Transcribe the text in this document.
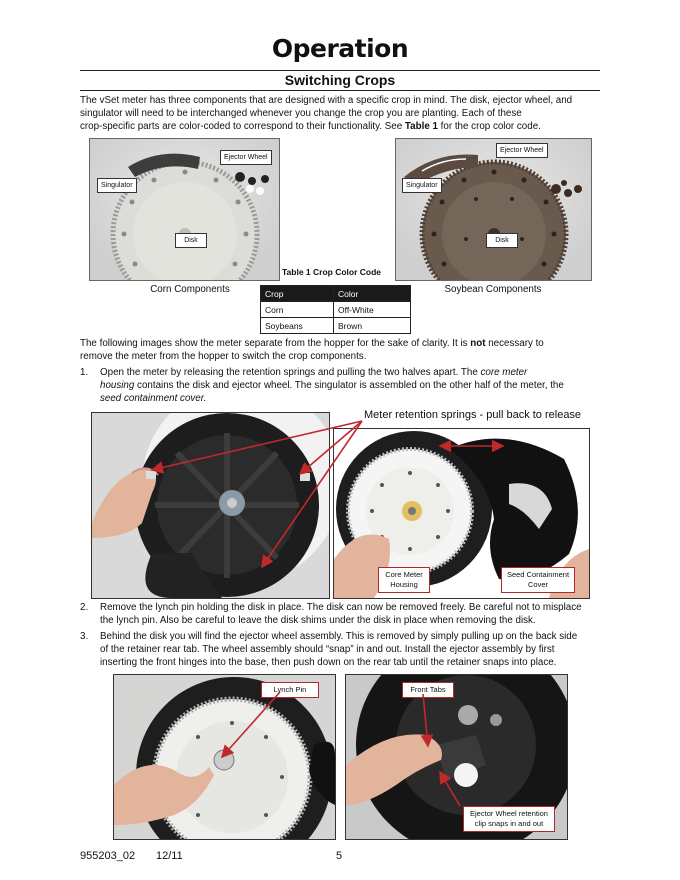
Operation
Switching Crops
The vSet meter has three components that are designed with a specific crop in mind. The disk, ejector wheel, and
singulator will need to be interchanged whenever you change the crop you are planting. Each of these
crop-specific parts are color-coded to correspond to their functionality. See Table 1 for the crop color code.
Ejector Wheel
Singulator
Disk
Corn Components
Ejector Wheel
Singulator
Disk
Soybean Components
Table 1 Crop Color Code
Crop	Color
Corn	Off-White
Soybeans	Brown
The following images show the meter separate from the hopper for the sake of clarity. It is not necessary to
remove the meter from the hopper to switch the crop components.
1. Open the meter by releasing the retention springs and pulling the two halves apart. The core meter
housing contains the disk and ejector wheel. The singulator is assembled on the other half of the meter, the
seed containment cover.
Core Meter Housing
Seed Containment Cover
Meter retention springs - pull back to release
2. Remove the lynch pin holding the disk in place. The disk can now be removed freely. Be careful not to misplace
the lynch pin. Also be careful to leave the disk shims under the disk in place when removing the disk.
3. Behind the disk you will find the ejector wheel assembly. This is removed by simply pulling up on the back side
of the retainer rear tab. The wheel assembly should “snap” in and out. Install the ejector assembly by first
inserting the front hinges into the base, then push down on the rear tab until the retainer snaps into place.
Lynch Pin	Front Tabs
Ejector Wheel retention clip snaps in and out
955203_02 12/11	5
